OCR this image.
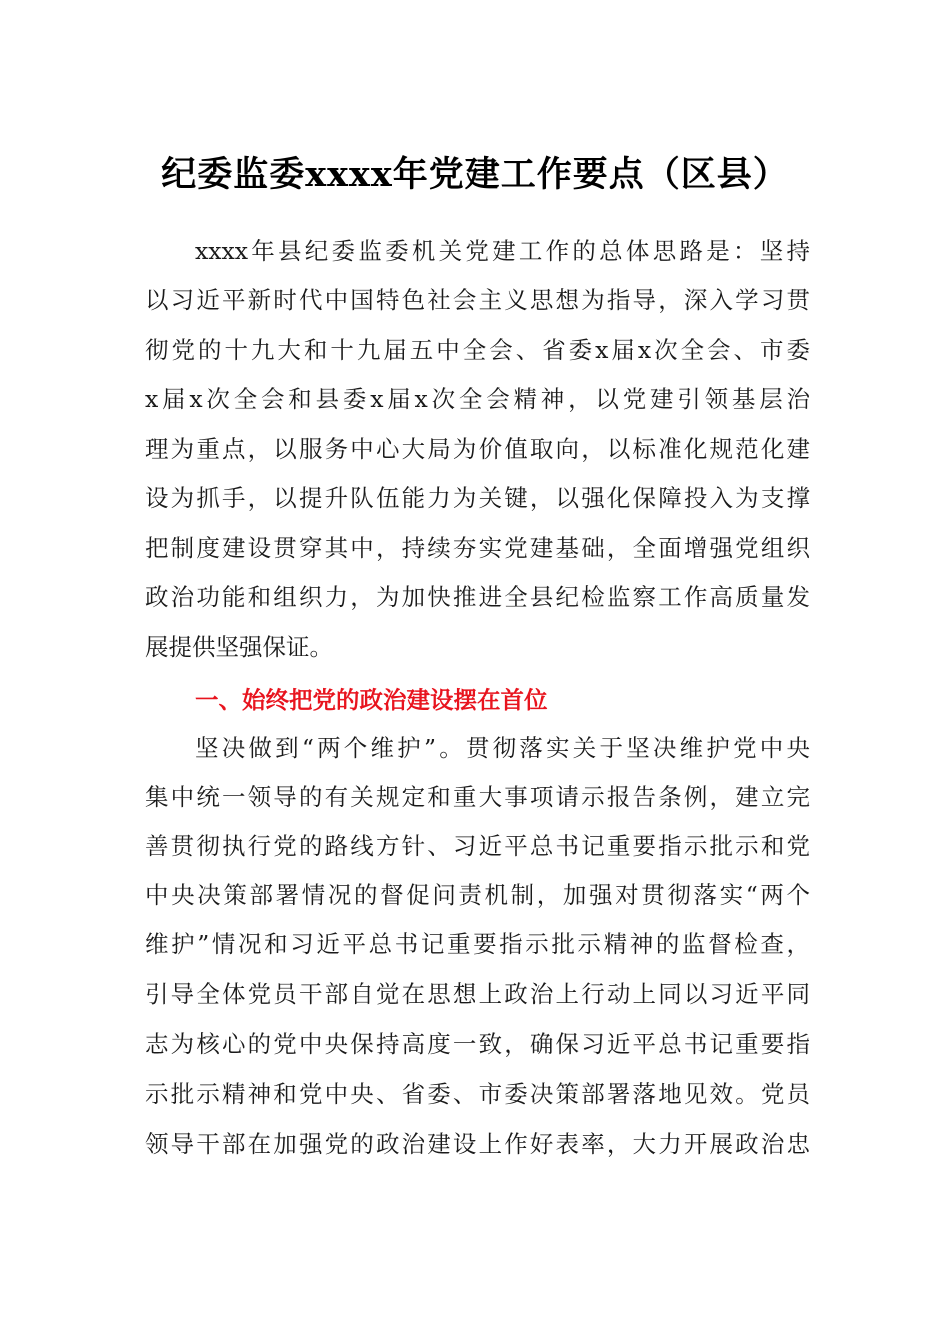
纪委监委xxxx年党建工作要点（区县）
xxxx年县纪委监委机关党建工作的总体思路是：坚持
以习近平新时代中国特色社会主义思想为指导，深入学习贯
彻党的十九大和十九届五中全会、省委x届x次全会、市委
x届x次全会和县委x届x次全会精神，以党建引领基层治
理为重点，以服务中心大局为价值取向，以标准化规范化建
设为抓手，以提升队伍能力为关键，以强化保障投入为支撑
把制度建设贯穿其中，持续夯实党建基础，全面增强党组织
政治功能和组织力，为加快推进全县纪检监察工作高质量发
展提供坚强保证。
一、始终把党的政治建设摆在首位
坚决做到“两个维护”。贯彻落实关于坚决维护党中央
集中统一领导的有关规定和重大事项请示报告条例，建立完
善贯彻执行党的路线方针、习近平总书记重要指示批示和党
中央决策部署情况的督促问责机制，加强对贯彻落实“两个
维护”情况和习近平总书记重要指示批示精神的监督检查，
引导全体党员干部自觉在思想上政治上行动上同以习近平同
志为核心的党中央保持高度一致，确保习近平总书记重要指
示批示精神和党中央、省委、市委决策部署落地见效。党员
领导干部在加强党的政治建设上作好表率，大力开展政治忠
